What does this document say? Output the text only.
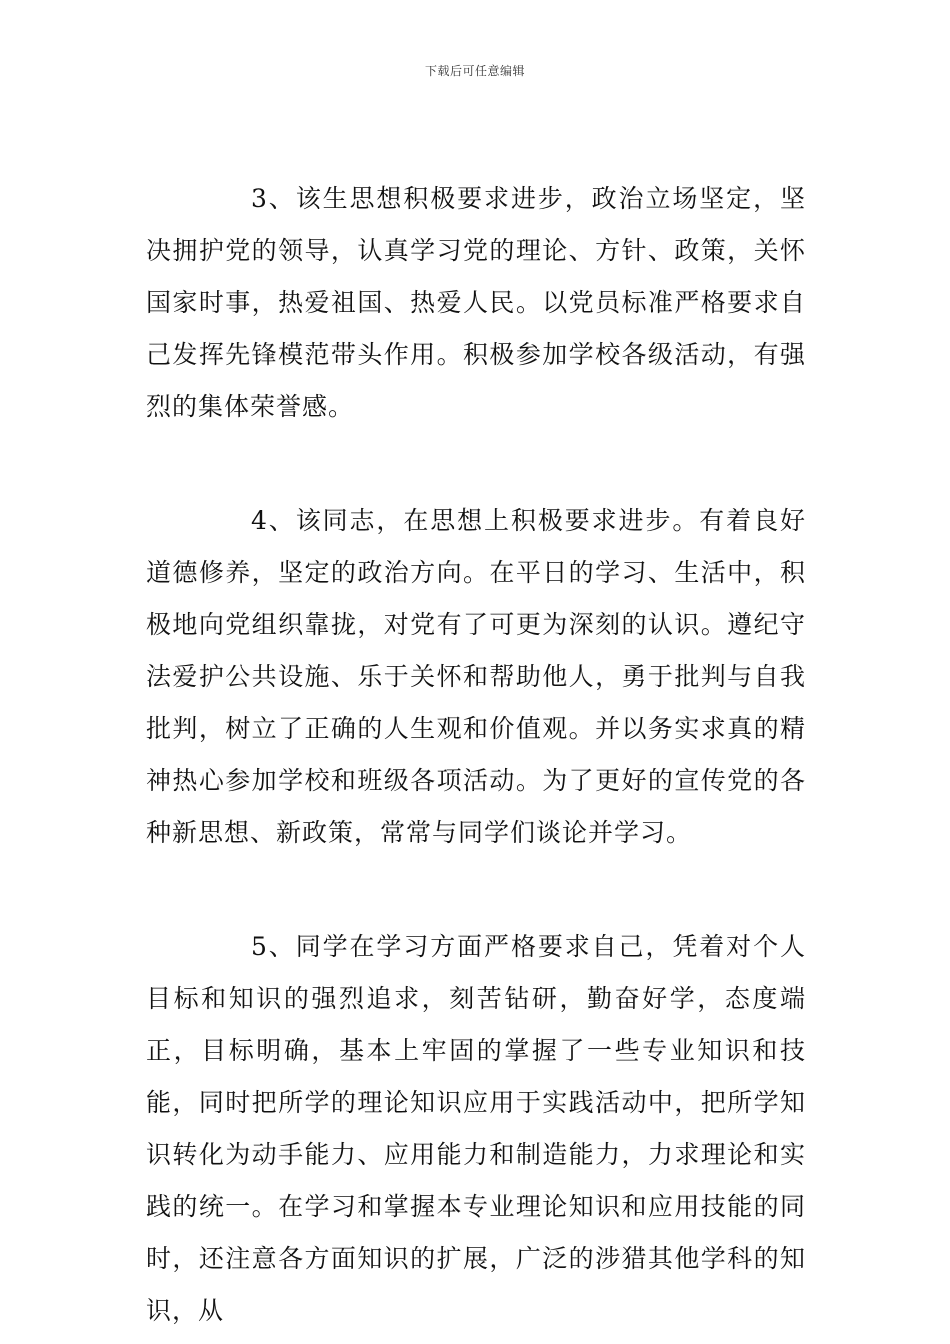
下载后可任意编辑

3、该生思想积极要求进步，政治立场坚定，坚决拥护党的领导，认真学习党的理论、方针、政策，关怀国家时事，热爱祖国、热爱人民。以党员标准严格要求自己发挥先锋模范带头作用。积极参加学校各级活动，有强烈的集体荣誉感。

4、该同志，在思想上积极要求进步。有着良好道德修养，坚定的政治方向。在平日的学习、生活中，积极地向党组织靠拢，对党有了可更为深刻的认识。遵纪守法爱护公共设施、乐于关怀和帮助他人，勇于批判与自我批判，树立了正确的人生观和价值观。并以务实求真的精神热心参加学校和班级各项活动。为了更好的宣传党的各种新思想、新政策，常常与同学们谈论并学习。

5、同学在学习方面严格要求自己，凭着对个人目标和知识的强烈追求，刻苦钻研，勤奋好学，态度端正，目标明确，基本上牢固的掌握了一些专业知识和技能，同时把所学的理论知识应用于实践活动中，把所学知识转化为动手能力、应用能力和制造能力，力求理论和实践的统一。在学习和掌握本专业理论知识和应用技能的同时，还注意各方面知识的扩展，广泛的涉猎其他学科的知识，从
